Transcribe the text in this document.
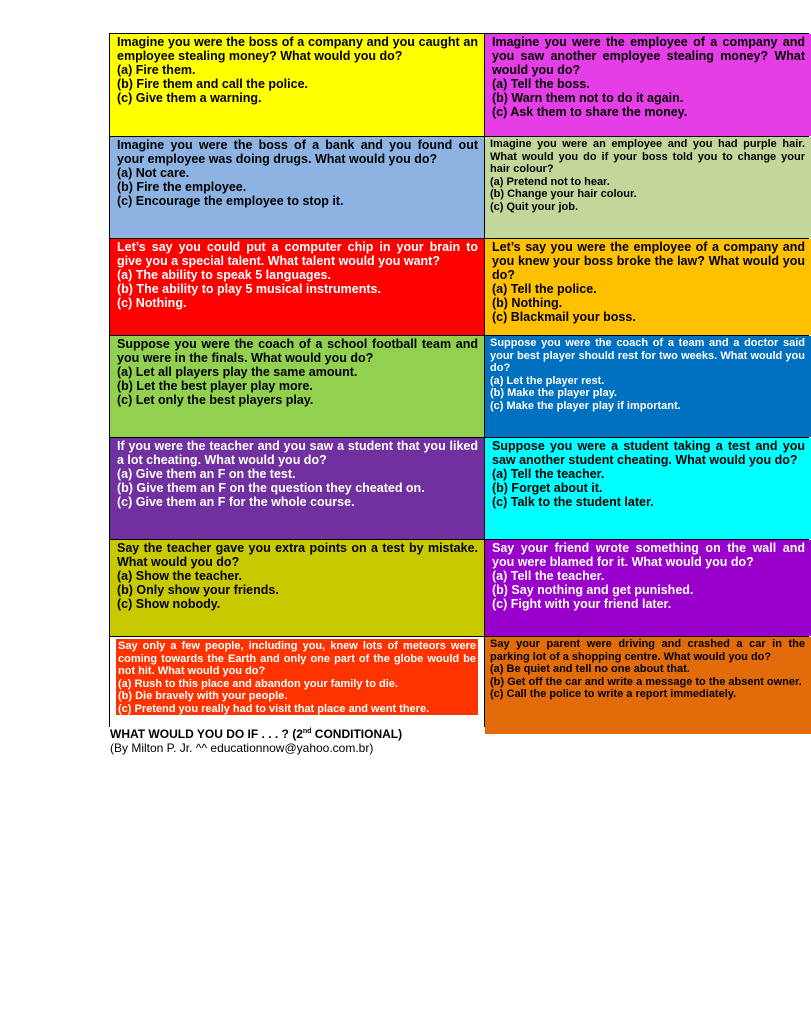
Imagine you were the boss of a company and you caught an employee stealing money? What would you do?
(a) Fire them.
(b) Fire them and call the police.
(c) Give them a warning.
Imagine you were the employee of a company and you saw another employee stealing money? What would you do?
(a) Tell the boss.
(b) Warn them not to do it again.
(c) Ask them to share the money.
Imagine you were the boss of a bank and you found out your employee was doing drugs. What would you do?
(a) Not care.
(b) Fire the employee.
(c) Encourage the employee to stop it.
Imagine you were an employee and you had purple hair. What would you do if your boss told you to change your hair colour?
(a) Pretend not to hear.
(b) Change your hair colour.
(c) Quit your job.
Let’s say you could put a computer chip in your brain to give you a special talent. What talent would you want?
(a) The ability to speak 5 languages.
(b) The ability to play 5 musical instruments.
(c) Nothing.
Let’s say you were the employee of a company and you knew your boss broke the law? What would you do?
(a) Tell the police.
(b) Nothing.
(c) Blackmail your boss.
Suppose you were the coach of a school football team and you were in the finals. What would you do?
(a) Let all players play the same amount.
(b) Let the best player play more.
(c) Let only the best players play.
Suppose you were the coach of a team and a doctor said your best player should rest for two weeks. What would you do?
(a) Let the player rest.
(b) Make the player play.
(c) Make the player play if important.
If you were the teacher and you saw a student that you liked a lot cheating. What would you do?
(a) Give them an F on the test.
(b) Give them an F on the question they cheated on.
(c) Give them an F for the whole course.
Suppose you were a student taking a test and you saw another student cheating. What would you do?
(a) Tell the teacher.
(b) Forget about it.
(c) Talk to the student later.
Say the teacher gave you extra points on a test by mistake. What would you do?
(a) Show the teacher.
(b) Only show your friends.
(c) Show nobody.
Say your friend wrote something on the wall and you were blamed for it. What would you do?
(a) Tell the teacher.
(b) Say nothing and get punished.
(c) Fight with your friend later.
Say only a few people, including you, knew lots of meteors were coming towards the Earth and only one part of the globe would be not hit. What would you do?
(a) Rush to this place and abandon your family to die.
(b) Die bravely with your people.
(c) Pretend you really had to visit that place and went there.
Say your parent were driving and crashed a car in the parking lot of a shopping centre. What would you do?
(a) Be quiet and tell no one about that.
(b) Get off the car and write a message to the absent owner.
(c) Call the police to write a report immediately.
WHAT WOULD YOU DO IF . . . ? (2nd CONDITIONAL)
(By Milton P. Jr. ^^ educationnow@yahoo.com.br)
